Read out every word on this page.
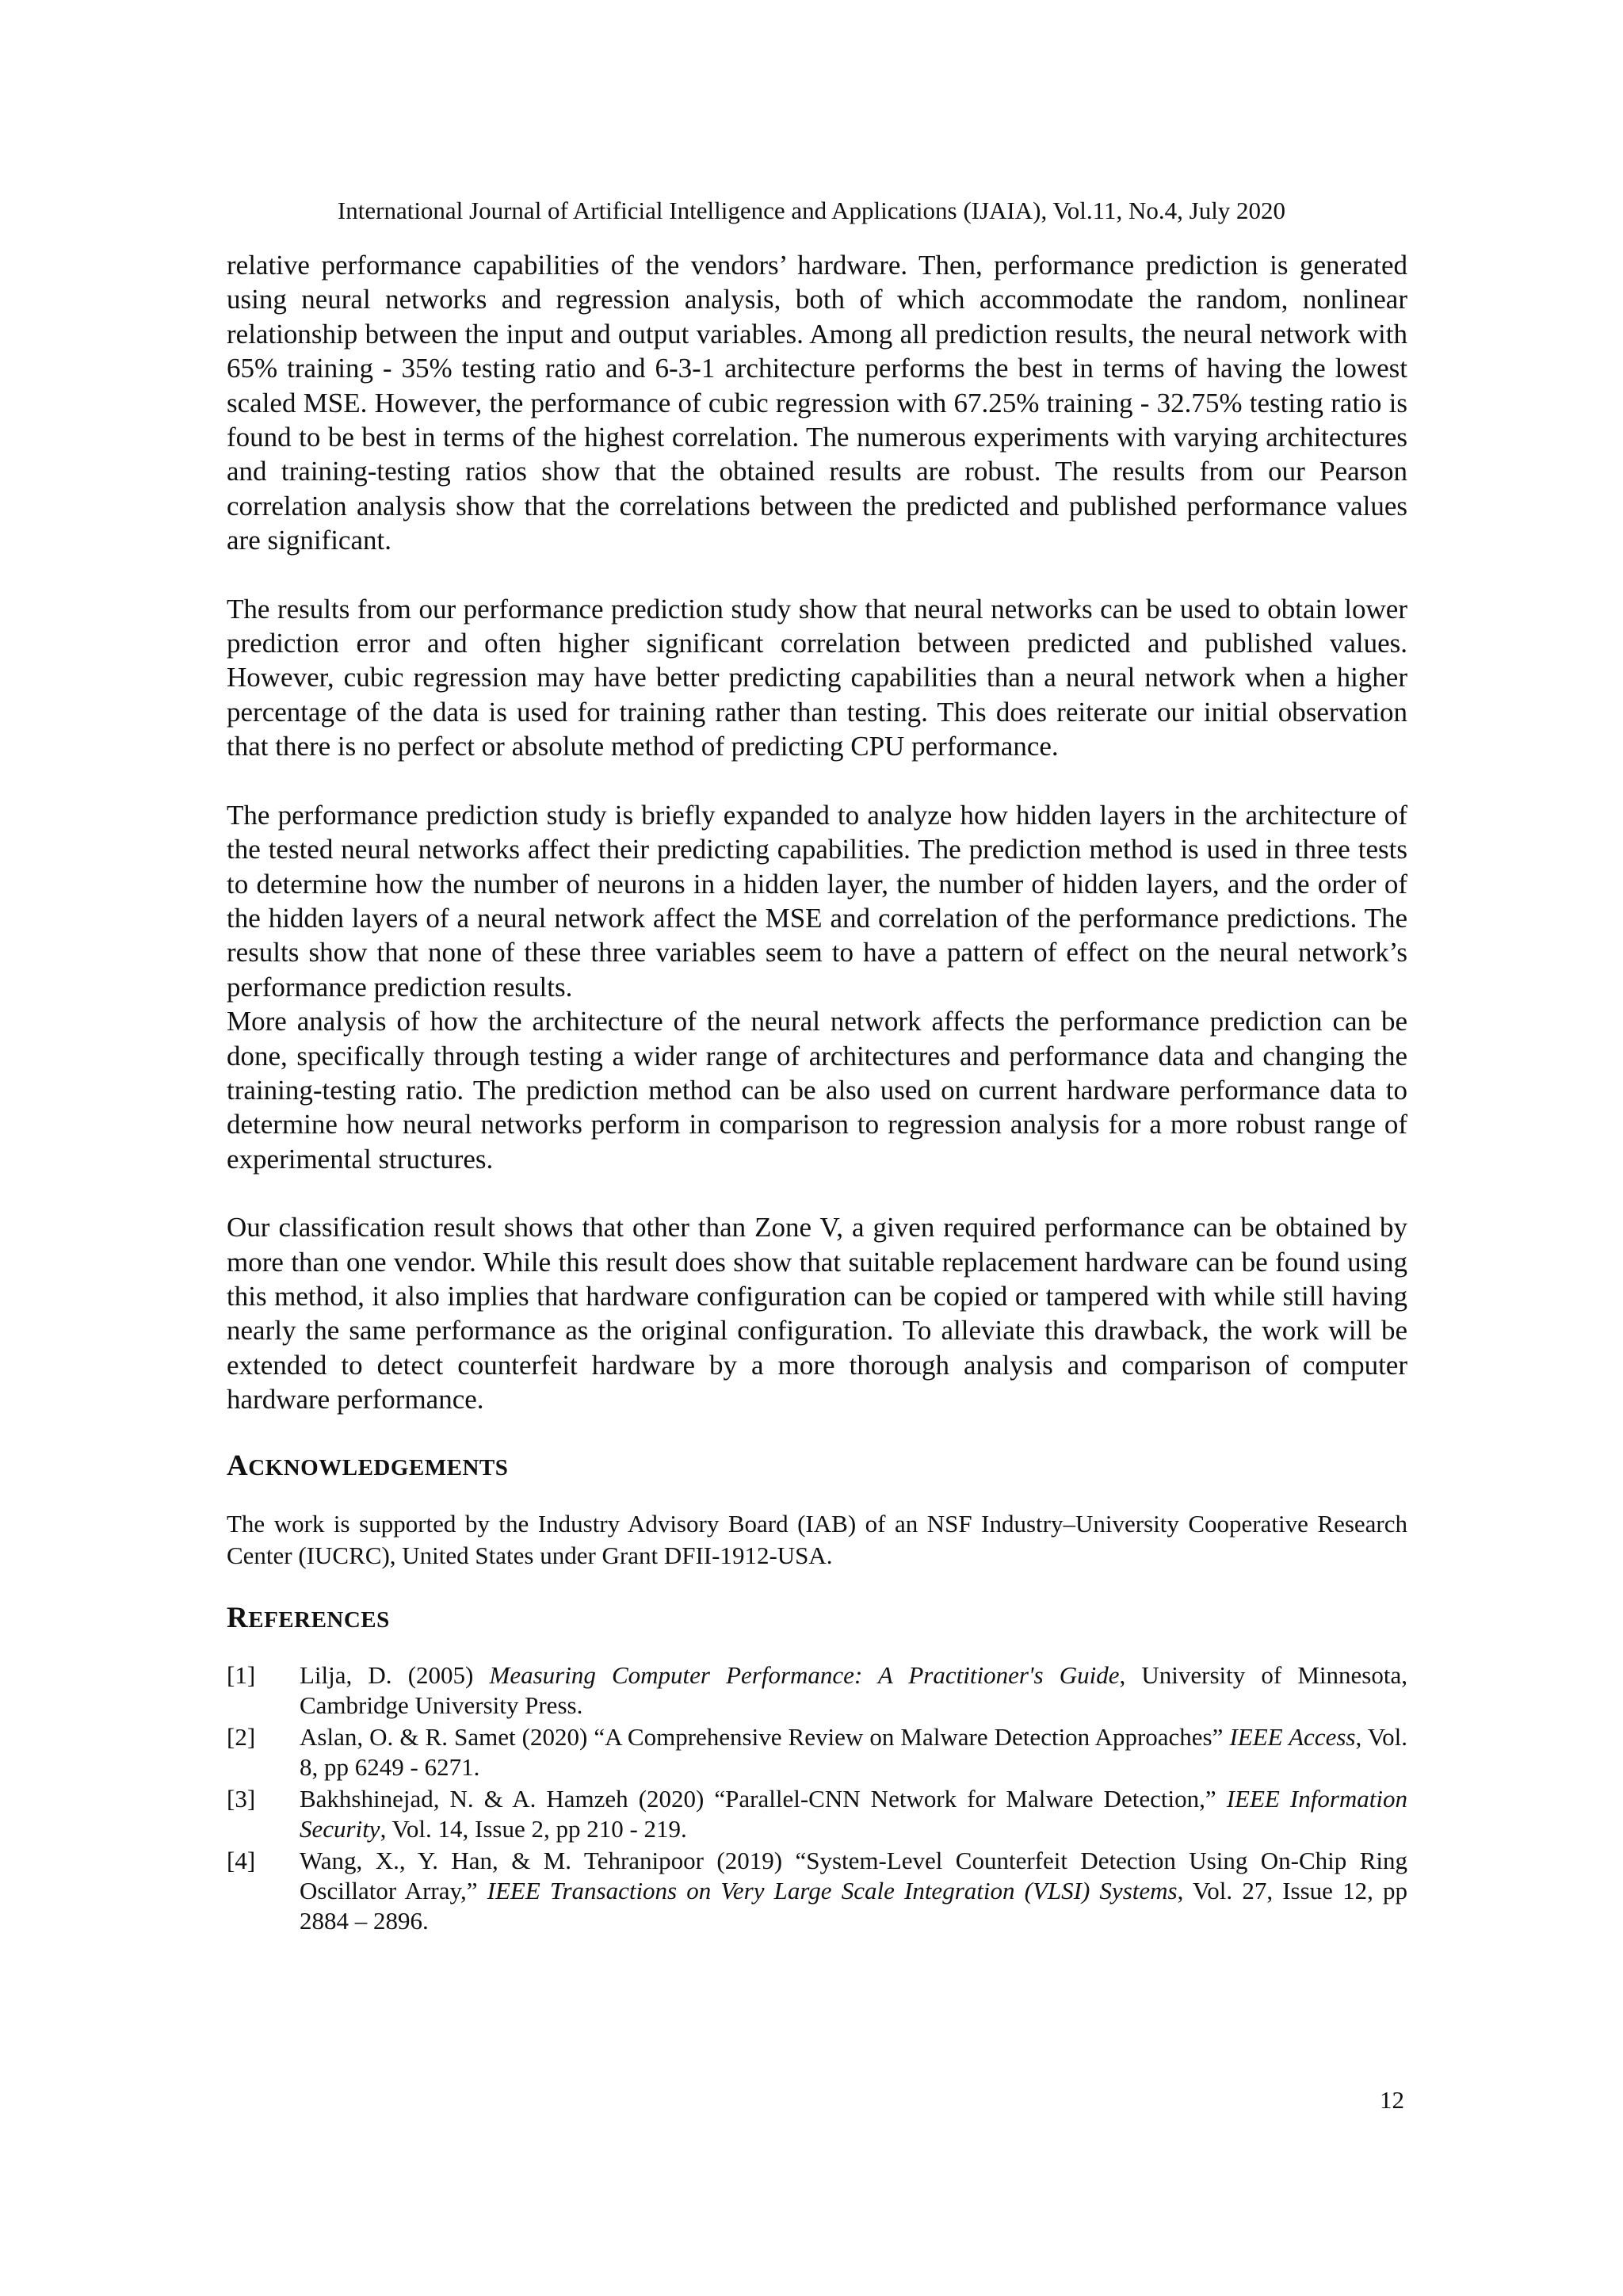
International Journal of Artificial Intelligence and Applications (IJAIA), Vol.11, No.4, July 2020

relative performance capabilities of the vendors’ hardware. Then, performance prediction is generated using neural networks and regression analysis, both of which accommodate the random, nonlinear relationship between the input and output variables. Among all prediction results, the neural network with 65% training - 35% testing ratio and 6-3-1 architecture performs the best in terms of having the lowest scaled MSE. However, the performance of cubic regression with 67.25% training - 32.75% testing ratio is found to be best in terms of the highest correlation. The numerous experiments with varying architectures and training-testing ratios show that the obtained results are robust. The results from our Pearson correlation analysis show that the correlations between the predicted and published performance values are significant.

The results from our performance prediction study show that neural networks can be used to obtain lower prediction error and often higher significant correlation between predicted and published values. However, cubic regression may have better predicting capabilities than a neural network when a higher percentage of the data is used for training rather than testing. This does reiterate our initial observation that there is no perfect or absolute method of predicting CPU performance.

The performance prediction study is briefly expanded to analyze how hidden layers in the architecture of the tested neural networks affect their predicting capabilities. The prediction method is used in three tests to determine how the number of neurons in a hidden layer, the number of hidden layers, and the order of the hidden layers of a neural network affect the MSE and correlation of the performance predictions. The results show that none of these three variables seem to have a pattern of effect on the neural network’s performance prediction results.

More analysis of how the architecture of the neural network affects the performance prediction can be done, specifically through testing a wider range of architectures and performance data and changing the training-testing ratio. The prediction method can be also used on current hardware performance data to determine how neural networks perform in comparison to regression analysis for a more robust range of experimental structures.

Our classification result shows that other than Zone V, a given required performance can be obtained by more than one vendor. While this result does show that suitable replacement hardware can be found using this method, it also implies that hardware configuration can be copied or tampered with while still having nearly the same performance as the original configuration. To alleviate this drawback, the work will be extended to detect counterfeit hardware by a more thorough analysis and comparison of computer hardware performance.

ACKNOWLEDGEMENTS

The work is supported by the Industry Advisory Board (IAB) of an NSF Industry–University Cooperative Research Center (IUCRC), United States under Grant DFII-1912-USA.

REFERENCES
[1]	Lilja, D. (2005) Measuring Computer Performance: A Practitioner's Guide, University of Minnesota, Cambridge University Press.
[2]	Aslan, O. & R. Samet (2020) “A Comprehensive Review on Malware Detection Approaches” IEEE Access, Vol. 8, pp 6249 - 6271.
[3]	Bakhshinejad, N. & A. Hamzeh (2020) “Parallel-CNN Network for Malware Detection,” IEEE Information Security, Vol. 14, Issue 2, pp 210 - 219.
[4]	Wang, X., Y. Han, & M. Tehranipoor (2019) “System-Level Counterfeit Detection Using On-Chip Ring Oscillator Array,” IEEE Transactions on Very Large Scale Integration (VLSI) Systems, Vol. 27, Issue 12, pp 2884 – 2896.
12
